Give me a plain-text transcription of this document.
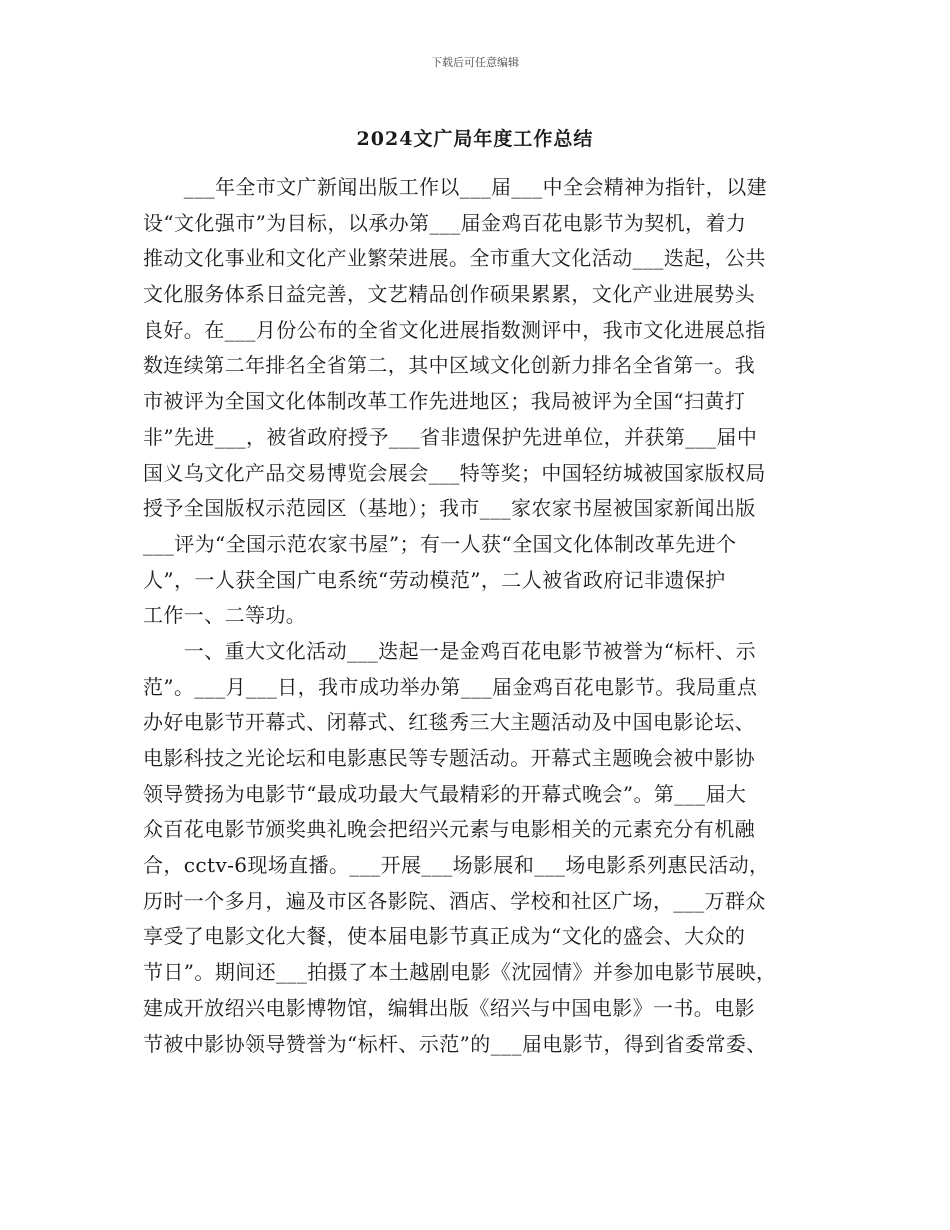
下载后可任意编辑
2024文广局年度工作总结
　　___年全市文广新闻出版工作以___届___中全会精神为指针，以建
设“文化强市”为目标，以承办第___届金鸡百花电影节为契机，着力
推动文化事业和文化产业繁荣进展。全市重大文化活动___迭起，公共
文化服务体系日益完善，文艺精品创作硕果累累，文化产业进展势头
良好。在___月份公布的全省文化进展指数测评中，我市文化进展总指
数连续第二年排名全省第二，其中区域文化创新力排名全省第一。我
市被评为全国文化体制改革工作先进地区；我局被评为全国“扫黄打
非”先进___，被省政府授予___省非遗保护先进单位，并获第___届中
国义乌文化产品交易博览会展会___特等奖；中国轻纺城被国家版权局
授予全国版权示范园区（基地）；我市___家农家书屋被国家新闻出版
___评为“全国示范农家书屋”；有一人获“全国文化体制改革先进个
人”，一人获全国广电系统“劳动模范”，二人被省政府记非遗保护
工作一、二等功。
　　一、重大文化活动___迭起一是金鸡百花电影节被誉为“标杆、示
范”。___月___日，我市成功举办第___届金鸡百花电影节。我局重点
办好电影节开幕式、闭幕式、红毯秀三大主题活动及中国电影论坛、
电影科技之光论坛和电影惠民等专题活动。开幕式主题晚会被中影协
领导赞扬为电影节“最成功最大气最精彩的开幕式晚会”。第___届大
众百花电影节颁奖典礼晚会把绍兴元素与电影相关的元素充分有机融
合，cctv-6现场直播。___开展___场影展和___场电影系列惠民活动，
历时一个多月，遍及市区各影院、酒店、学校和社区广场，___万群众
享受了电影文化大餐，使本届电影节真正成为“文化的盛会、大众的
节日”。期间还___拍摄了本土越剧电影《沈园情》并参加电影节展映，
建成开放绍兴电影博物馆，编辑出版《绍兴与中国电影》一书。电影
节被中影协领导赞誉为“标杆、示范”的___届电影节，得到省委常委、
